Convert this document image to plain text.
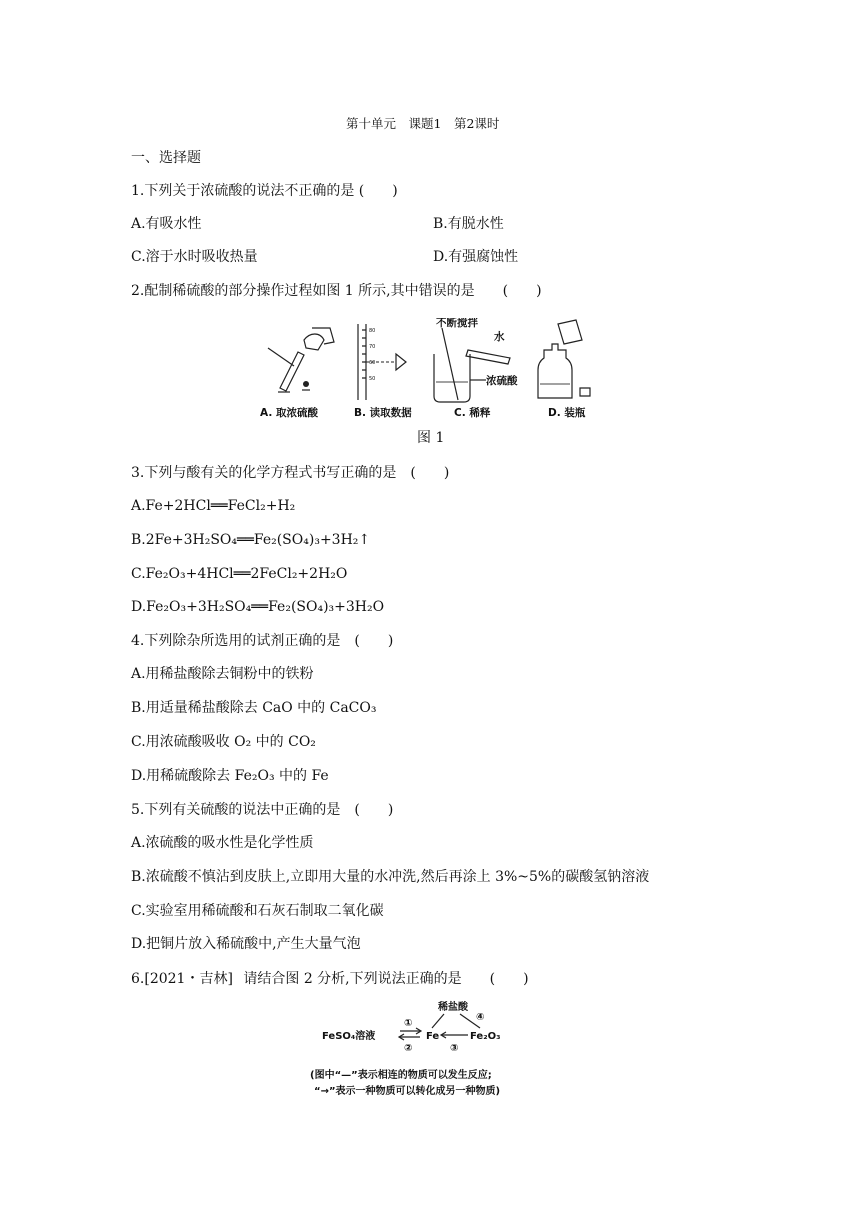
第十单元　课题1　第2课时
一、选择题
1.下列关于浓硫酸的说法不正确的是 (　　)
A.有吸水性	B.有脱水性
C.溶于水时吸收热量	D.有强腐蚀性
2.配制稀硫酸的部分操作过程如图 1 所示,其中错误的是　　(　　)
80
70
60
50
不断搅拌
水
浓硫酸
A. 取浓硫酸	B. 读取数据	C. 稀释	D. 装瓶
图 1
3.下列与酸有关的化学方程式书写正确的是　(　　)
A.Fe+2HCl══FeCl₂+H₂
B.2Fe+3H₂SO₄══Fe₂(SO₄)₃+3H₂↑
C.Fe₂O₃+4HCl══2FeCl₂+2H₂O
D.Fe₂O₃+3H₂SO₄══Fe₂(SO₄)₃+3H₂O
4.下列除杂所选用的试剂正确的是　(　　)
A.用稀盐酸除去铜粉中的铁粉
B.用适量稀盐酸除去 CaO 中的 CaCO₃
C.用浓硫酸吸收 O₂ 中的 CO₂
D.用稀硫酸除去 Fe₂O₃ 中的 Fe
5.下列有关硫酸的说法中正确的是　(　　)
A.浓硫酸的吸水性是化学性质
B.浓硫酸不慎沾到皮肤上,立即用大量的水冲洗,然后再涂上 3%~5%的碳酸氢钠溶液
C.实验室用稀硫酸和石灰石制取二氧化碳
D.把铜片放入稀硫酸中,产生大量气泡
6.[2021・吉林] 请结合图 2 分析,下列说法正确的是　　(　　)
稀盐酸
FeSO₄溶液	Fe	Fe₂O₃
①
②
④
③
(图中“—”表示相连的物质可以发生反应;
“→”表示一种物质可以转化成另一种物质)
